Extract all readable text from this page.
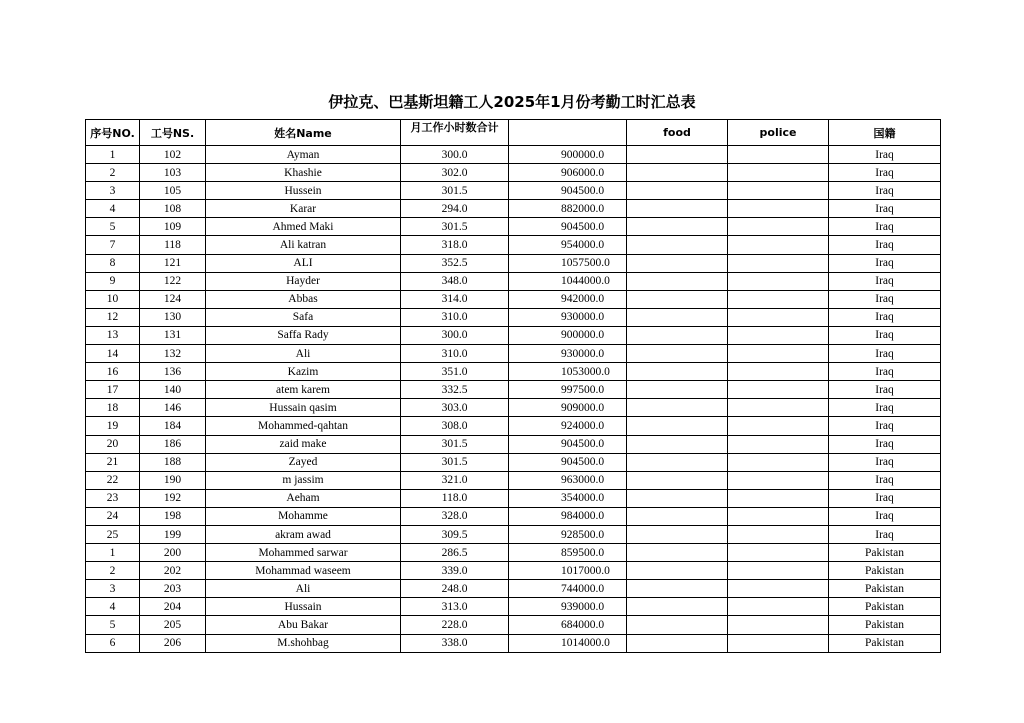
伊拉克、巴基斯坦籍工人2025年1月份考勤工时汇总表
序号NO.	工号NS.	姓名Name	月工作小时数合计		food	police	国籍
1	102	Ayman	300.0	900000.0			Iraq
2	103	Khashie	302.0	906000.0			Iraq
3	105	Hussein	301.5	904500.0			Iraq
4	108	Karar	294.0	882000.0			Iraq
5	109	Ahmed Maki	301.5	904500.0			Iraq
7	118	Ali katran	318.0	954000.0			Iraq
8	121	ALI	352.5	1057500.0			Iraq
9	122	Hayder	348.0	1044000.0			Iraq
10	124	Abbas	314.0	942000.0			Iraq
12	130	Safa	310.0	930000.0			Iraq
13	131	Saffa Rady	300.0	900000.0			Iraq
14	132	Ali	310.0	930000.0			Iraq
16	136	Kazim	351.0	1053000.0			Iraq
17	140	atem karem	332.5	997500.0			Iraq
18	146	Hussain qasim	303.0	909000.0			Iraq
19	184	Mohammed-qahtan	308.0	924000.0			Iraq
20	186	zaid make	301.5	904500.0			Iraq
21	188	Zayed	301.5	904500.0			Iraq
22	190	m jassim	321.0	963000.0			Iraq
23	192	Aeham	118.0	354000.0			Iraq
24	198	Mohamme	328.0	984000.0			Iraq
25	199	akram awad	309.5	928500.0			Iraq
1	200	Mohammed sarwar	286.5	859500.0			Pakistan
2	202	Mohammad waseem	339.0	1017000.0			Pakistan
3	203	Ali	248.0	744000.0			Pakistan
4	204	Hussain	313.0	939000.0			Pakistan
5	205	Abu Bakar	228.0	684000.0			Pakistan
6	206	M.shohbag	338.0	1014000.0			Pakistan
